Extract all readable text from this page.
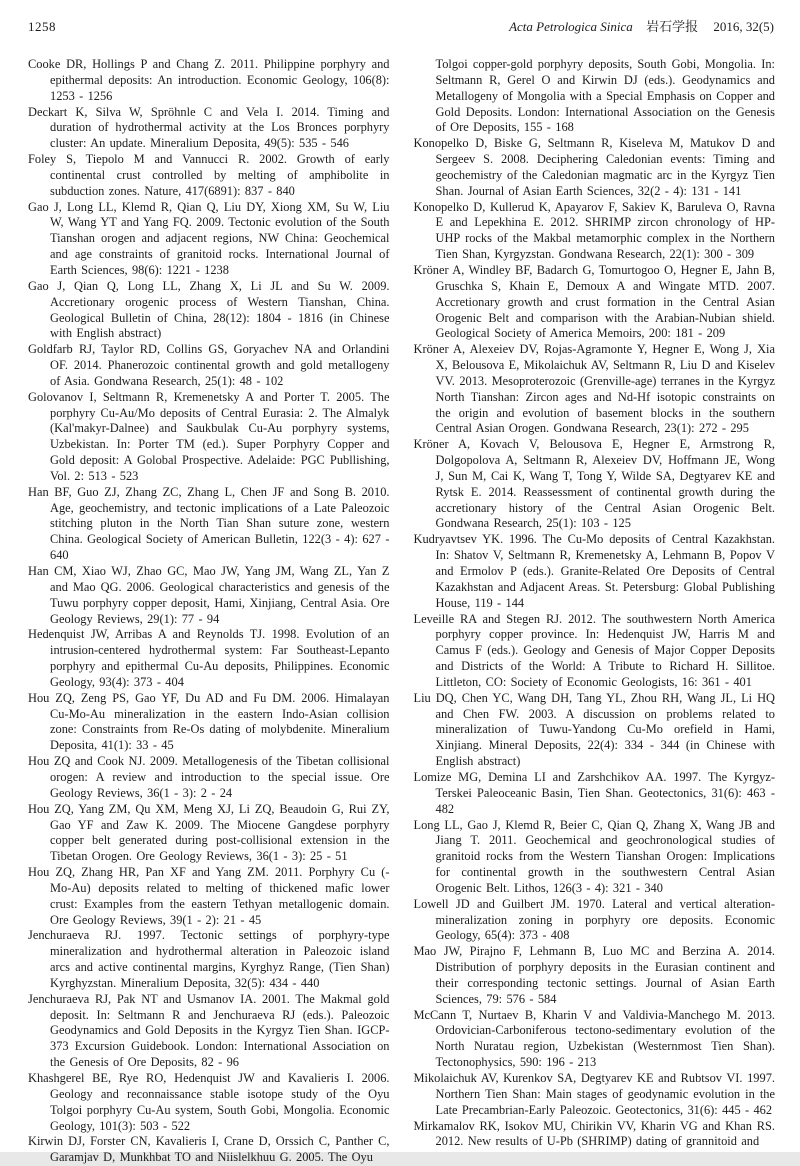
1258	Acta Petrologica Sinica 岩石学报 2016, 32(5)

Cooke DR, Hollings P and Chang Z. 2011. Philippine porphyry and epithermal deposits: An introduction. Economic Geology, 106(8): 1253 - 1256

Deckart K, Silva W, Spröhnle C and Vela I. 2014. Timing and duration of hydrothermal activity at the Los Bronces porphyry cluster: An update. Mineralium Deposita, 49(5): 535 - 546

Foley S, Tiepolo M and Vannucci R. 2002. Growth of early continental crust controlled by melting of amphibolite in subduction zones. Nature, 417(6891): 837 - 840

Gao J, Long LL, Klemd R, Qian Q, Liu DY, Xiong XM, Su W, Liu W, Wang YT and Yang FQ. 2009. Tectonic evolution of the South Tianshan orogen and adjacent regions, NW China: Geochemical and age constraints of granitoid rocks. International Journal of Earth Sciences, 98(6): 1221 - 1238

Gao J, Qian Q, Long LL, Zhang X, Li JL and Su W. 2009. Accretionary orogenic process of Western Tianshan, China. Geological Bulletin of China, 28(12): 1804 - 1816 (in Chinese with English abstract)

Goldfarb RJ, Taylor RD, Collins GS, Goryachev NA and Orlandini OF. 2014. Phanerozoic continental growth and gold metallogeny of Asia. Gondwana Research, 25(1): 48 - 102

Golovanov I, Seltmann R, Kremenetsky A and Porter T. 2005. The porphyry Cu-Au/Mo deposits of Central Eurasia: 2. The Almalyk (Kal'makyr-Dalnee) and Saukbulak Cu-Au porphyry systems, Uzbekistan. In: Porter TM (ed.). Super Porphyry Copper and Gold deposit: A Golobal Prospective. Adelaide: PGC Publlishing, Vol. 2: 513 - 523

Han BF, Guo ZJ, Zhang ZC, Zhang L, Chen JF and Song B. 2010. Age, geochemistry, and tectonic implications of a Late Paleozoic stitching pluton in the North Tian Shan suture zone, western China. Geological Society of American Bulletin, 122(3 - 4): 627 - 640

Han CM, Xiao WJ, Zhao GC, Mao JW, Yang JM, Wang ZL, Yan Z and Mao QG. 2006. Geological characteristics and genesis of the Tuwu porphyry copper deposit, Hami, Xinjiang, Central Asia. Ore Geology Reviews, 29(1): 77 - 94

Hedenquist JW, Arribas A and Reynolds TJ. 1998. Evolution of an intrusion-centered hydrothermal system: Far Southeast-Lepanto porphyry and epithermal Cu-Au deposits, Philippines. Economic Geology, 93(4): 373 - 404

Hou ZQ, Zeng PS, Gao YF, Du AD and Fu DM. 2006. Himalayan Cu-Mo-Au mineralization in the eastern Indo-Asian collision zone: Constraints from Re-Os dating of molybdenite. Mineralium Deposita, 41(1): 33 - 45

Hou ZQ and Cook NJ. 2009. Metallogenesis of the Tibetan collisional orogen: A review and introduction to the special issue. Ore Geology Reviews, 36(1 - 3): 2 - 24

Hou ZQ, Yang ZM, Qu XM, Meng XJ, Li ZQ, Beaudoin G, Rui ZY, Gao YF and Zaw K. 2009. The Miocene Gangdese porphyry copper belt generated during post-collisional extension in the Tibetan Orogen. Ore Geology Reviews, 36(1 - 3): 25 - 51

Hou ZQ, Zhang HR, Pan XF and Yang ZM. 2011. Porphyry Cu (-Mo-Au) deposits related to melting of thickened mafic lower crust: Examples from the eastern Tethyan metallogenic domain. Ore Geology Reviews, 39(1 - 2): 21 - 45

Jenchuraeva RJ. 1997. Tectonic settings of porphyry-type mineralization and hydrothermal alteration in Paleozoic island arcs and active continental margins, Kyrghyz Range, (Tien Shan) Kyrghyzstan. Mineralium Deposita, 32(5): 434 - 440

Jenchuraeva RJ, Pak NT and Usmanov IA. 2001. The Makmal gold deposit. In: Seltmann R and Jenchuraeva RJ (eds.). Paleozoic Geodynamics and Gold Deposits in the Kyrgyz Tien Shan. IGCP-373 Excursion Guidebook. London: International Association on the Genesis of Ore Deposits, 82 - 96

Khashgerel BE, Rye RO, Hedenquist JW and Kavalieris I. 2006. Geology and reconnaissance stable isotope study of the Oyu Tolgoi porphyry Cu-Au system, South Gobi, Mongolia. Economic Geology, 101(3): 503 - 522

Kirwin DJ, Forster CN, Kavalieris I, Crane D, Orssich C, Panther C, Garamjav D, Munkhbat TO and Niislelkhuu G. 2005. The Oyu

Tolgoi copper-gold porphyry deposits, South Gobi, Mongolia. In: Seltmann R, Gerel O and Kirwin DJ (eds.). Geodynamics and Metallogeny of Mongolia with a Special Emphasis on Copper and Gold Deposits. London: International Association on the Genesis of Ore Deposits, 155 - 168

Konopelko D, Biske G, Seltmann R, Kiseleva M, Matukov D and Sergeev S. 2008. Deciphering Caledonian events: Timing and geochemistry of the Caledonian magmatic arc in the Kyrgyz Tien Shan. Journal of Asian Earth Sciences, 32(2 - 4): 131 - 141

Konopelko D, Kullerud K, Apayarov F, Sakiev K, Baruleva O, Ravna E and Lepekhina E. 2012. SHRIMP zircon chronology of HP-UHP rocks of the Makbal metamorphic complex in the Northern Tien Shan, Kyrgyzstan. Gondwana Research, 22(1): 300 - 309

Kröner A, Windley BF, Badarch G, Tomurtogoo O, Hegner E, Jahn B, Gruschka S, Khain E, Demoux A and Wingate MTD. 2007. Accretionary growth and crust formation in the Central Asian Orogenic Belt and comparison with the Arabian-Nubian shield. Geological Society of America Memoirs, 200: 181 - 209

Kröner A, Alexeiev DV, Rojas-Agramonte Y, Hegner E, Wong J, Xia X, Belousova E, Mikolaichuk AV, Seltmann R, Liu D and Kiselev VV. 2013. Mesoproterozoic (Grenville-age) terranes in the Kyrgyz North Tianshan: Zircon ages and Nd-Hf isotopic constraints on the origin and evolution of basement blocks in the southern Central Asian Orogen. Gondwana Research, 23(1): 272 - 295

Kröner A, Kovach V, Belousova E, Hegner E, Armstrong R, Dolgopolova A, Seltmann R, Alexeiev DV, Hoffmann JE, Wong J, Sun M, Cai K, Wang T, Tong Y, Wilde SA, Degtyarev KE and Rytsk E. 2014. Reassessment of continental growth during the accretionary history of the Central Asian Orogenic Belt. Gondwana Research, 25(1): 103 - 125

Kudryavtsev YK. 1996. The Cu-Mo deposits of Central Kazakhstan. In: Shatov V, Seltmann R, Kremenetsky A, Lehmann B, Popov V and Ermolov P (eds.). Granite-Related Ore Deposits of Central Kazakhstan and Adjacent Areas. St. Petersburg: Global Publishing House, 119 - 144

Leveille RA and Stegen RJ. 2012. The southwestern North America porphyry copper province. In: Hedenquist JW, Harris M and Camus F (eds.). Geology and Genesis of Major Copper Deposits and Districts of the World: A Tribute to Richard H. Sillitoe. Littleton, CO: Society of Economic Geologists, 16: 361 - 401

Liu DQ, Chen YC, Wang DH, Tang YL, Zhou RH, Wang JL, Li HQ and Chen FW. 2003. A discussion on problems related to mineralization of Tuwu-Yandong Cu-Mo orefield in Hami, Xinjiang. Mineral Deposits, 22(4): 334 - 344 (in Chinese with English abstract)

Lomize MG, Demina LI and Zarshchikov AA. 1997. The Kyrgyz-Terskei Paleoceanic Basin, Tien Shan. Geotectonics, 31(6): 463 - 482

Long LL, Gao J, Klemd R, Beier C, Qian Q, Zhang X, Wang JB and Jiang T. 2011. Geochemical and geochronological studies of granitoid rocks from the Western Tianshan Orogen: Implications for continental growth in the southwestern Central Asian Orogenic Belt. Lithos, 126(3 - 4): 321 - 340

Lowell JD and Guilbert JM. 1970. Lateral and vertical alteration-mineralization zoning in porphyry ore deposits. Economic Geology, 65(4): 373 - 408

Mao JW, Pirajno F, Lehmann B, Luo MC and Berzina A. 2014. Distribution of porphyry deposits in the Eurasian continent and their corresponding tectonic settings. Journal of Asian Earth Sciences, 79: 576 - 584

McCann T, Nurtaev B, Kharin V and Valdivia-Manchego M. 2013. Ordovician-Carboniferous tectono-sedimentary evolution of the North Nuratau region, Uzbekistan (Westernmost Tien Shan). Tectonophysics, 590: 196 - 213

Mikolaichuk AV, Kurenkov SA, Degtyarev KE and Rubtsov VI. 1997. Northern Tien Shan: Main stages of geodynamic evolution in the Late Precambrian-Early Paleozoic. Geotectonics, 31(6): 445 - 462

Mirkamalov RK, Isokov MU, Chirikin VV, Kharin VG and Khan RS. 2012. New results of U-Pb (SHRIMP) dating of grannitoid and
